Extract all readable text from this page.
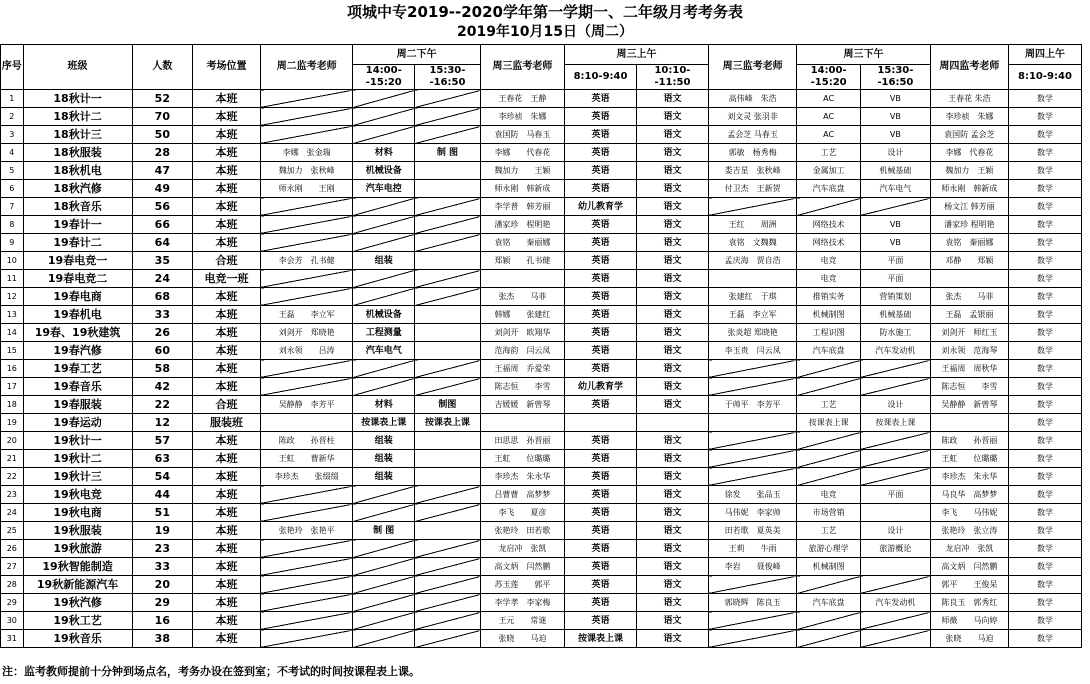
项城中专2019--2020学年第一学期一、二年级月考考务表
2019年10月15日（周二）
序号	班级	人数	考场位置	周二监考老师	周二下午		周三监考老师	周三上午		周三监考老师	周三下午		周四监考老师	周四上午
					14:00--15:20	15:30--16:50		8:10-9:40	10:10--11:50		14:00--15:20	15:30--16:50		8:10-9:40
1	18秋计一	52	本班				王春花　王静	英语	语文	高伟峰　朱浩	AC	VB	王春花 朱浩	数学
2	18秋计二	70	本班				李珍祯　朱娜	英语	语文	刘文灵 张羽非	AC	VB	李珍祯　朱娜	数学
3	18秋计三	50	本班				袁国防　马春玉	英语	语文	孟会芝 马春玉	AC	VB	袁国防 孟会芝	数学
4	18秋服装	28	本班	李娜　张金瑞	材料	制 图	李娜　　代春花	英语	语文	郭敏　杨秀梅	工艺	设计	李娜　代春花	数学
5	18秋机电	47	本班	魏加力　张秋峰	机械设备		魏加力　　王颖	英语	语文	娄吉星　张秋峰	金属加工	机械基础	魏加力　王颖	数学
6	18秋汽修	49	本班	师永刚　　王刚	汽车电控		师永刚　韩新成	英语	语文	付卫杰　王新贺	汽车底盘	汽车电气	师永刚　韩新成	数学
7	18秋音乐	56	本班				李学普　韩芳丽	幼儿教育学	语文				杨文江 韩芳丽	数学
8	19春计一	66	本班				潘家珍　程明艳	英语	语文	王红　　周洲	网络技术	VB	潘家珍 程明艳	数学
9	19春计二	64	本班				袁铭　　秦丽娜	英语	语文	袁铭　文魏魏	网络技术	VB	袁铭　秦丽娜	数学
10	19春电竞一	35	合班	李会芳　孔书健	组装		郑颖　　孔书健	英语	语文	孟庆海　贾自浩	电竞	平面	邓静　　郑颖	数学
11	19春电竞二	24	电竞一班					英语	语文		电竞	平面		数学
12	19春电商	68	本班				张杰　　马菲	英语	语文	张建红　于琪	推销实务	营销策划	张杰　　马菲	数学
13	19春机电	33	本班	王磊　　李立军	机械设备		韩娜　　张建红	英语	语文	王磊　李立军	机械制图	机械基础	王磊　孟银丽	数学
14	19春、19秋建筑	26	本班	刘剑开　郑晓艳	工程测量		刘剑开　欧翔华	英语	语文	张炎超 郑晓艳	工程识图	防水施工	刘剑开　师红玉	数学
15	19春汽修	60	本班	刘永领　　吕涛	汽车电气		范海韵　闫云凤	英语	语文	李玉贵　闫云凤	汽车底盘	汽车发动机	刘永领　范海琴	数学
16	19春工艺	58	本班				王福周　乔爱荣	英语	语文				王福周　周秋华	数学
17	19春音乐	42	本班				陈志恒　　李雪	幼儿教育学	语文				陈志恒　　李雪	数学
18	19春服装	22	合班	吴静静　李芳平	材料	制图	吉媛媛　新曾琴	英语	语文	于帅平　李芳平	工艺	设计	吴静静　新曾琴	数学
19	19春运动	12	服装班		按课表上课	按课表上课					按课表上课	按课表上课		数学
20	19秋计一	57	本班	陈政　　孙晋柱	组装		田思思　孙晋丽	英语	语文				陈政　　孙晋丽	数学
21	19秋计二	63	本班	王虹　　曹新华	组装		王虹　　位璐璐	英语	语文				王虹　　位璐璐	数学
22	19秋计三	54	本班	李珍杰　　张缀缀	组装		李珍杰　朱永华	英语	语文				李珍杰　朱永华	数学
23	19秋电竞	44	本班				吕曹曹　高梦梦	英语	语文	徐发　　张品玉	电竞	平面	马良华　高梦梦	数学
24	19秋电商	51	本班				李飞　　夏彦	英语	语文	马伟妮　李家帅	市场营销		李飞　　马伟妮	数学
25	19秋服装	19	本班	张艳玲　张艳平	制 图		张艳玲　田若歌	英语	语文	田若歌　夏英美	工艺	设计	张艳玲　张立涛	数学
26	19秋旅游	23	本班				龙启冲　张凯	英语	语文	王莉　　牛雨	旅游心理学	旅游概论	龙启冲　张凯	数学
27	19秋智能制造	33	本班				高文炳　闫然鹏	英语	语文	李岩　　聂俊峰	机械制图		高文炳　闫然鹏	数学
28	19秋新能源汽车	20	本班				苏玉莲　　郭平	英语	语文				郭平　　王俊呆	数学
29	19秋汽修	29	本班				李学孝　李家梅	英语	语文	郭晓辉　陈良玉	汽车底盘	汽车发动机	陈良玉　郭秀红	数学
30	19秋工艺	16	本班				王元　　常谜	英语	语文				师薇　　马向婷	数学
31	19秋音乐	38	本班				张晓　　马迫	按课表上课	语文				张晓　　马迫	数学
注：监考教师提前十分钟到场点名，考务办设在签到室；不考试的时间按课程表上课。
